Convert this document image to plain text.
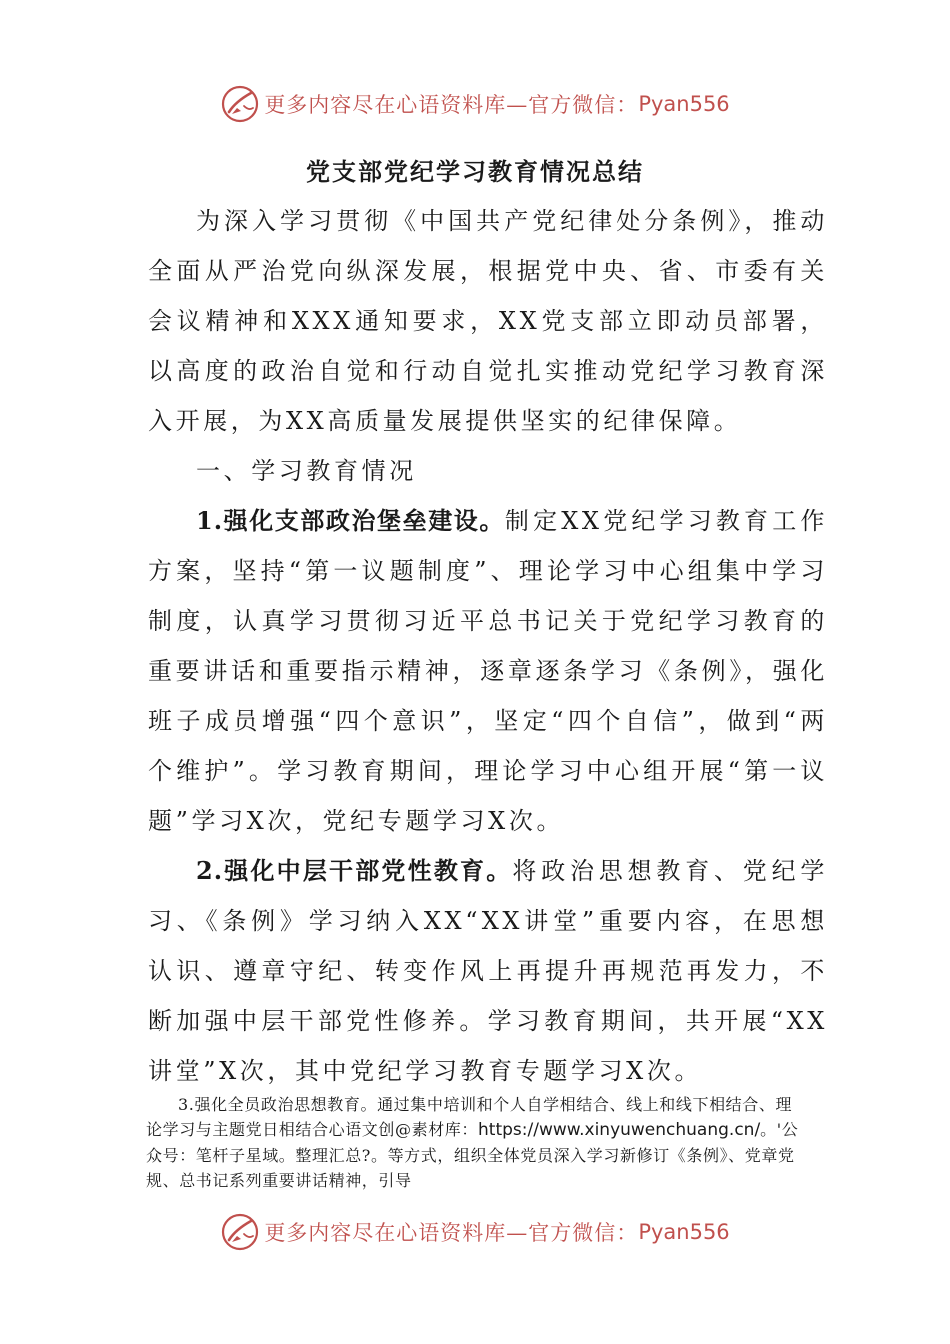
更多内容尽在心语资料库—官方微信： Pyan556
党支部党纪学习教育情况总结

为深入学习贯彻《中国共产党纪律处分条例》，推动全面从严治党向纵深发展，根据党中央、省、市委有关会议精神和XXX通知要求，XX党支部立即动员部署，以高度的政治自觉和行动自觉扎实推动党纪学习教育深入开展，为XX高质量发展提供坚实的纪律保障。

一、学习教育情况

1.强化支部政治堡垒建设。制定XX党纪学习教育工作方案，坚持“第一议题制度”、理论学习中心组集中学习制度，认真学习贯彻习近平总书记关于党纪学习教育的重要讲话和重要指示精神，逐章逐条学习《条例》，强化班子成员增强“四个意识”，坚定“四个自信”，做到“两个维护”。学习教育期间，理论学习中心组开展“第一议题”学习X次，党纪专题学习X次。

2.强化中层干部党性教育。将政治思想教育、党纪学习、《条例》学习纳入XX“XX讲堂”重要内容，在思想认识、遵章守纪、转变作风上再提升再规范再发力，不断加强中层干部党性修养。学习教育期间，共开展“XX讲堂”X次，其中党纪学习教育专题学习X次。

3.强化全员政治思想教育。通过集中培训和个人自学相结合、线上和线下相结合、理论学习与主题党日相结合心语文创@素材库：https://www.xinyuwenchuang.cn/。'公众号：笔杆子星域。整理汇总?。等方式，组织全体党员深入学习新修订《条例》、党章党规、总书记系列重要讲话精神，引导

更多内容尽在心语资料库—官方微信： Pyan556
